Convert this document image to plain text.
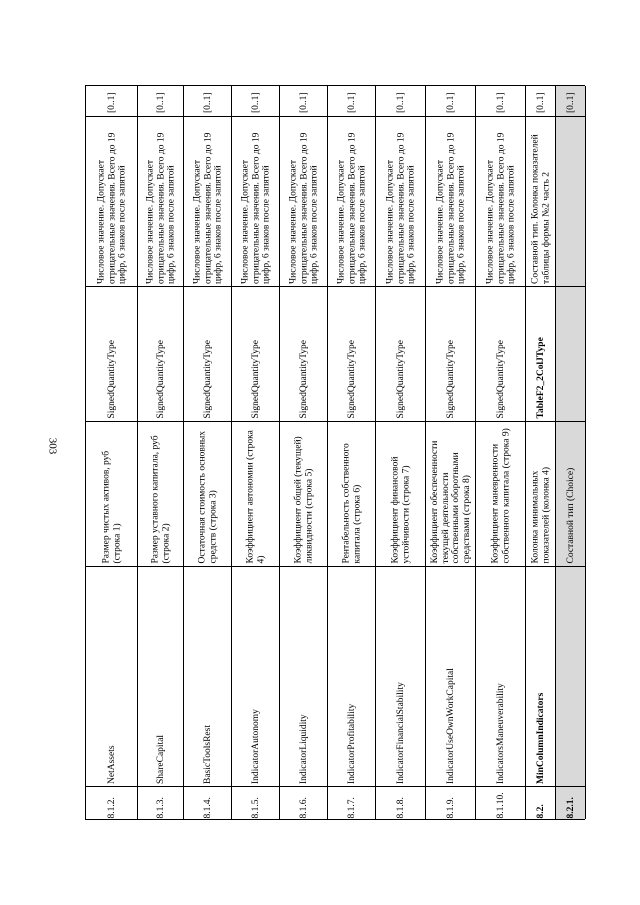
303
8.1.2.
NetAssets
Размер чистых активов, руб (строка 1)
SignedQuantityType
Числовое значение. Допускает отрицательные значения. Всего до 19 цифр, 6 знаков после запятой
[0..1]
8.1.3.
ShareCapital
Размер уставного капитала, руб (строка 2)
SignedQuantityType
Числовое значение. Допускает отрицательные значения. Всего до 19 цифр, 6 знаков после запятой
[0..1]
8.1.4.
BasicToolsRest
Остаточная стоимость основных средств (строка 3)
SignedQuantityType
Числовое значение. Допускает отрицательные значения. Всего до 19 цифр, 6 знаков после запятой
[0..1]
8.1.5.
IndicatorAutonomy
Коэффициент автономии (строка 4)
SignedQuantityType
Числовое значение. Допускает отрицательные значения. Всего до 19 цифр, 6 знаков после запятой
[0..1]
8.1.6.
IndicatorLiquidity
Коэффициент общей (текущей) ликвидности (строка 5)
SignedQuantityType
Числовое значение. Допускает отрицательные значения. Всего до 19 цифр, 6 знаков после запятой
[0..1]
8.1.7.
IndicatorProfitability
Рентабельность собственного капитала (строка 6)
SignedQuantityType
Числовое значение. Допускает отрицательные значения. Всего до 19 цифр, 6 знаков после запятой
[0..1]
8.1.8.
IndicatorFinancialStability
Коэффициент финансовой устойчивости (строка 7)
SignedQuantityType
Числовое значение. Допускает отрицательные значения. Всего до 19 цифр, 6 знаков после запятой
[0..1]
8.1.9.
IndicatorUseOwnWorkCapital
Коэффициент обеспеченности текущей деятельности собственными оборотными средствами (строка 8)
SignedQuantityType
Числовое значение. Допускает отрицательные значения. Всего до 19 цифр, 6 знаков после запятой
[0..1]
8.1.10.
IndicatorsManeuverability
Коэффициент маневренности собственного капитала (строка 9)
SignedQuantityType
Числовое значение. Допускает отрицательные значения. Всего до 19 цифр, 6 знаков после запятой
[0..1]
8.2.
MinColumnIndicators
Колонка минимальных показателей (колонка 4)
TableF2_2ColJType
Составной тип. Колонка показателей таблицы формы №2 часть 2
[0..1]
8.2.1.
Составной тип (Choice)
[0..1]
